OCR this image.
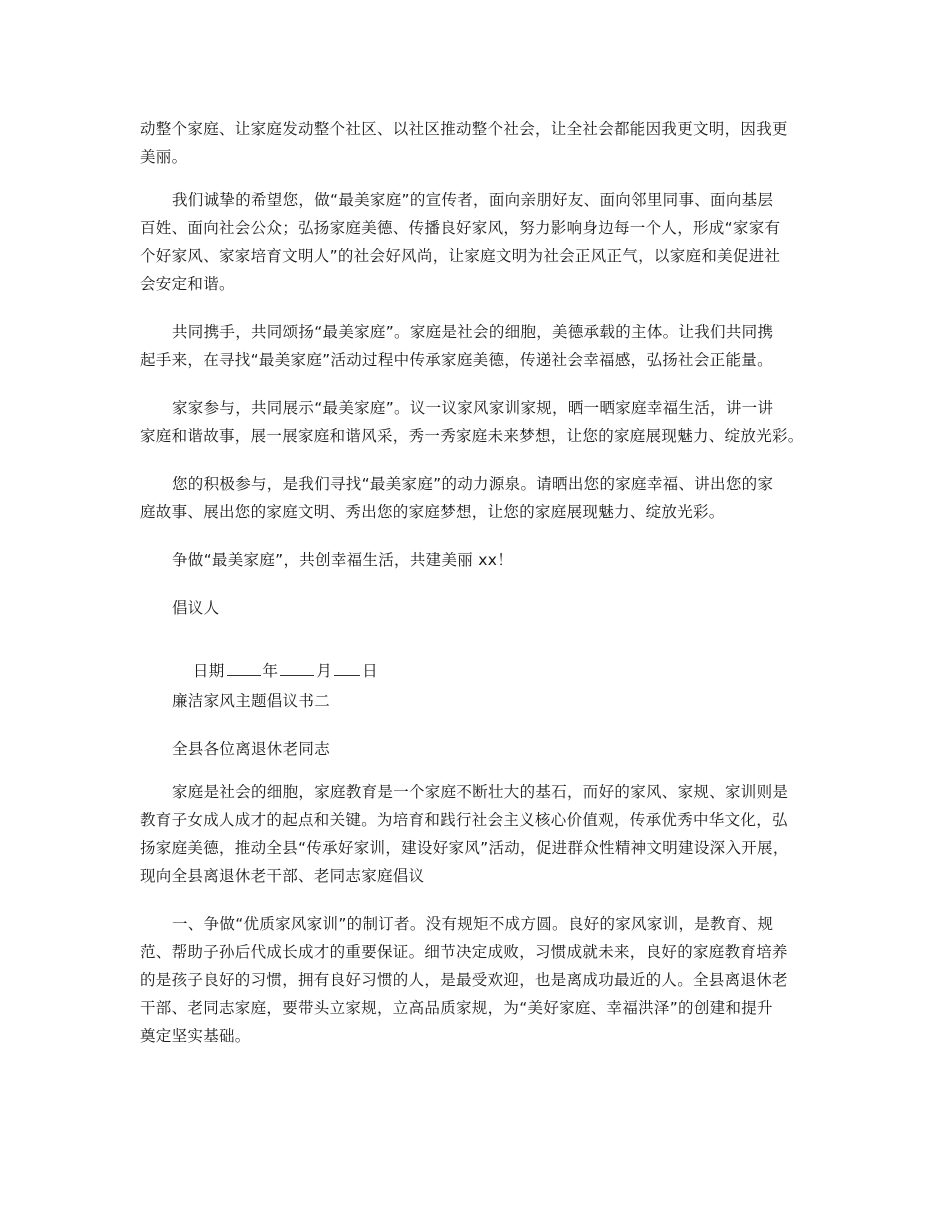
动整个家庭、让家庭发动整个社区、以社区推动整个社会，让全社会都能因我更文明，因我更
美丽。
我们诚挚的希望您，做“最美家庭”的宣传者，面向亲朋好友、面向邻里同事、面向基层
百姓、面向社会公众；弘扬家庭美德、传播良好家风，努力影响身边每一个人，形成“家家有
个好家风、家家培育文明人”的社会好风尚，让家庭文明为社会正风正气，以家庭和美促进社
会安定和谐。
共同携手，共同颂扬“最美家庭”。家庭是社会的细胞，美德承载的主体。让我们共同携
起手来，在寻找“最美家庭”活动过程中传承家庭美德，传递社会幸福感，弘扬社会正能量。
家家参与，共同展示“最美家庭”。议一议家风家训家规，晒一晒家庭幸福生活，讲一讲
家庭和谐故事，展一展家庭和谐风采，秀一秀家庭未来梦想，让您的家庭展现魅力、绽放光彩。
您的积极参与，是我们寻找“最美家庭”的动力源泉。请晒出您的家庭幸福、讲出您的家
庭故事、展出您的家庭文明、秀出您的家庭梦想，让您的家庭展现魅力、绽放光彩。
争做“最美家庭”，共创幸福生活，共建美丽 xx！
倡议人

日期 年 月 日

廉洁家风主题倡议书二
全县各位离退休老同志
家庭是社会的细胞，家庭教育是一个家庭不断壮大的基石，而好的家风、家规、家训则是
教育子女成人成才的起点和关键。为培育和践行社会主义核心价值观，传承优秀中华文化，弘
扬家庭美德，推动全县“传承好家训，建设好家风”活动，促进群众性精神文明建设深入开展，
现向全县离退休老干部、老同志家庭倡议
一、争做“优质家风家训”的制订者。没有规矩不成方圆。良好的家风家训，是教育、规
范、帮助子孙后代成长成才的重要保证。细节决定成败，习惯成就未来，良好的家庭教育培养
的是孩子良好的习惯，拥有良好习惯的人，是最受欢迎，也是离成功最近的人。全县离退休老
干部、老同志家庭，要带头立家规，立高品质家规，为“美好家庭、幸福洪泽”的创建和提升
奠定坚实基础。
